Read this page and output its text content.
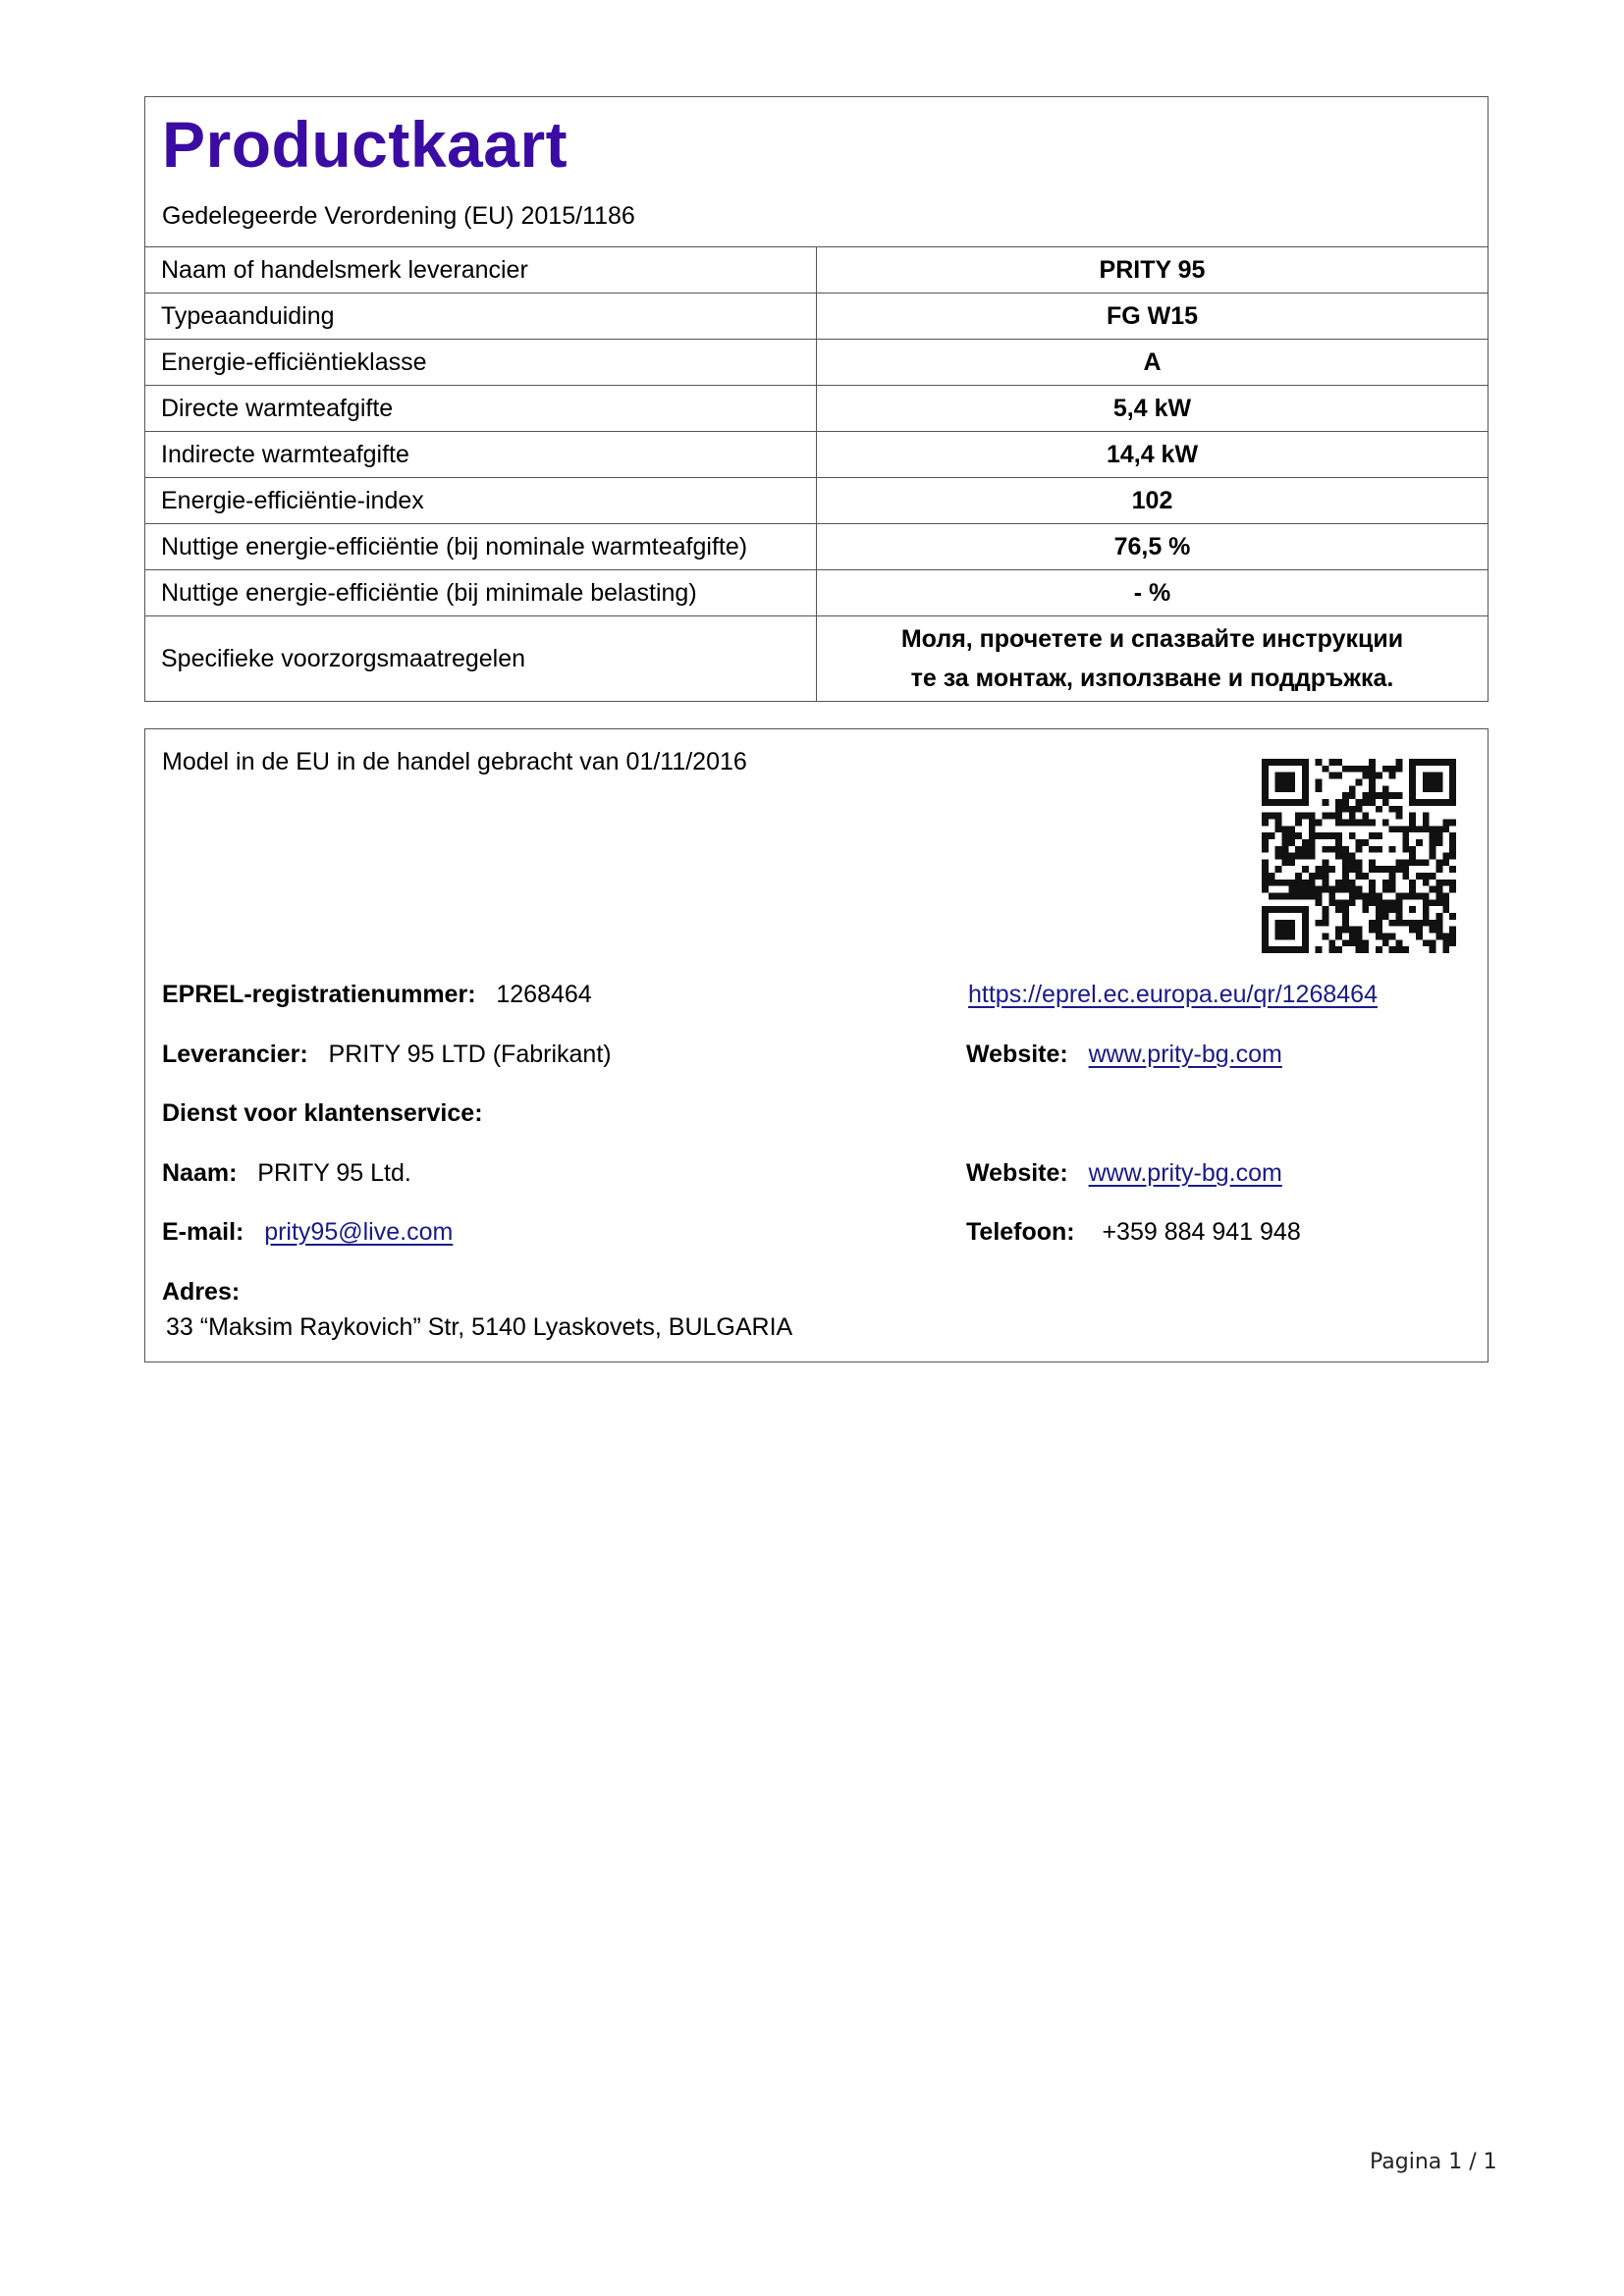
Productkaart
Gedelegeerde Verordening (EU) 2015/1186
Naam of handelsmerk leverancier	PRITY 95
Typeaanduiding	FG W15
Energie-efficiëntieklasse	A
Directe warmteafgifte	5,4 kW
Indirecte warmteafgifte	14,4 kW
Energie-efficiëntie-index	102
Nuttige energie-efficiëntie (bij nominale warmteafgifte)	76,5 %
Nuttige energie-efficiëntie (bij minimale belasting)	- %
Specifieke voorzorgsmaatregelen	Моля, прочетете и спазвайте инструкции
те за монтаж, използване и поддръжка.
Model in de EU in de handel gebracht van 01/11/2016
EPREL-registratienummer: 1268464	https://eprel.ec.europa.eu/qr/1268464
Leverancier: PRITY 95 LTD (Fabrikant)	Website: www.prity-bg.com
Dienst voor klantenservice:
Naam: PRITY 95 Ltd.	Website: www.prity-bg.com
E-mail: prity95@live.com	Telefoon: +359 884 941 948
Adres:
33 “Maksim Raykovich” Str, 5140 Lyaskovets, BULGARIA
Pagina 1 / 1
